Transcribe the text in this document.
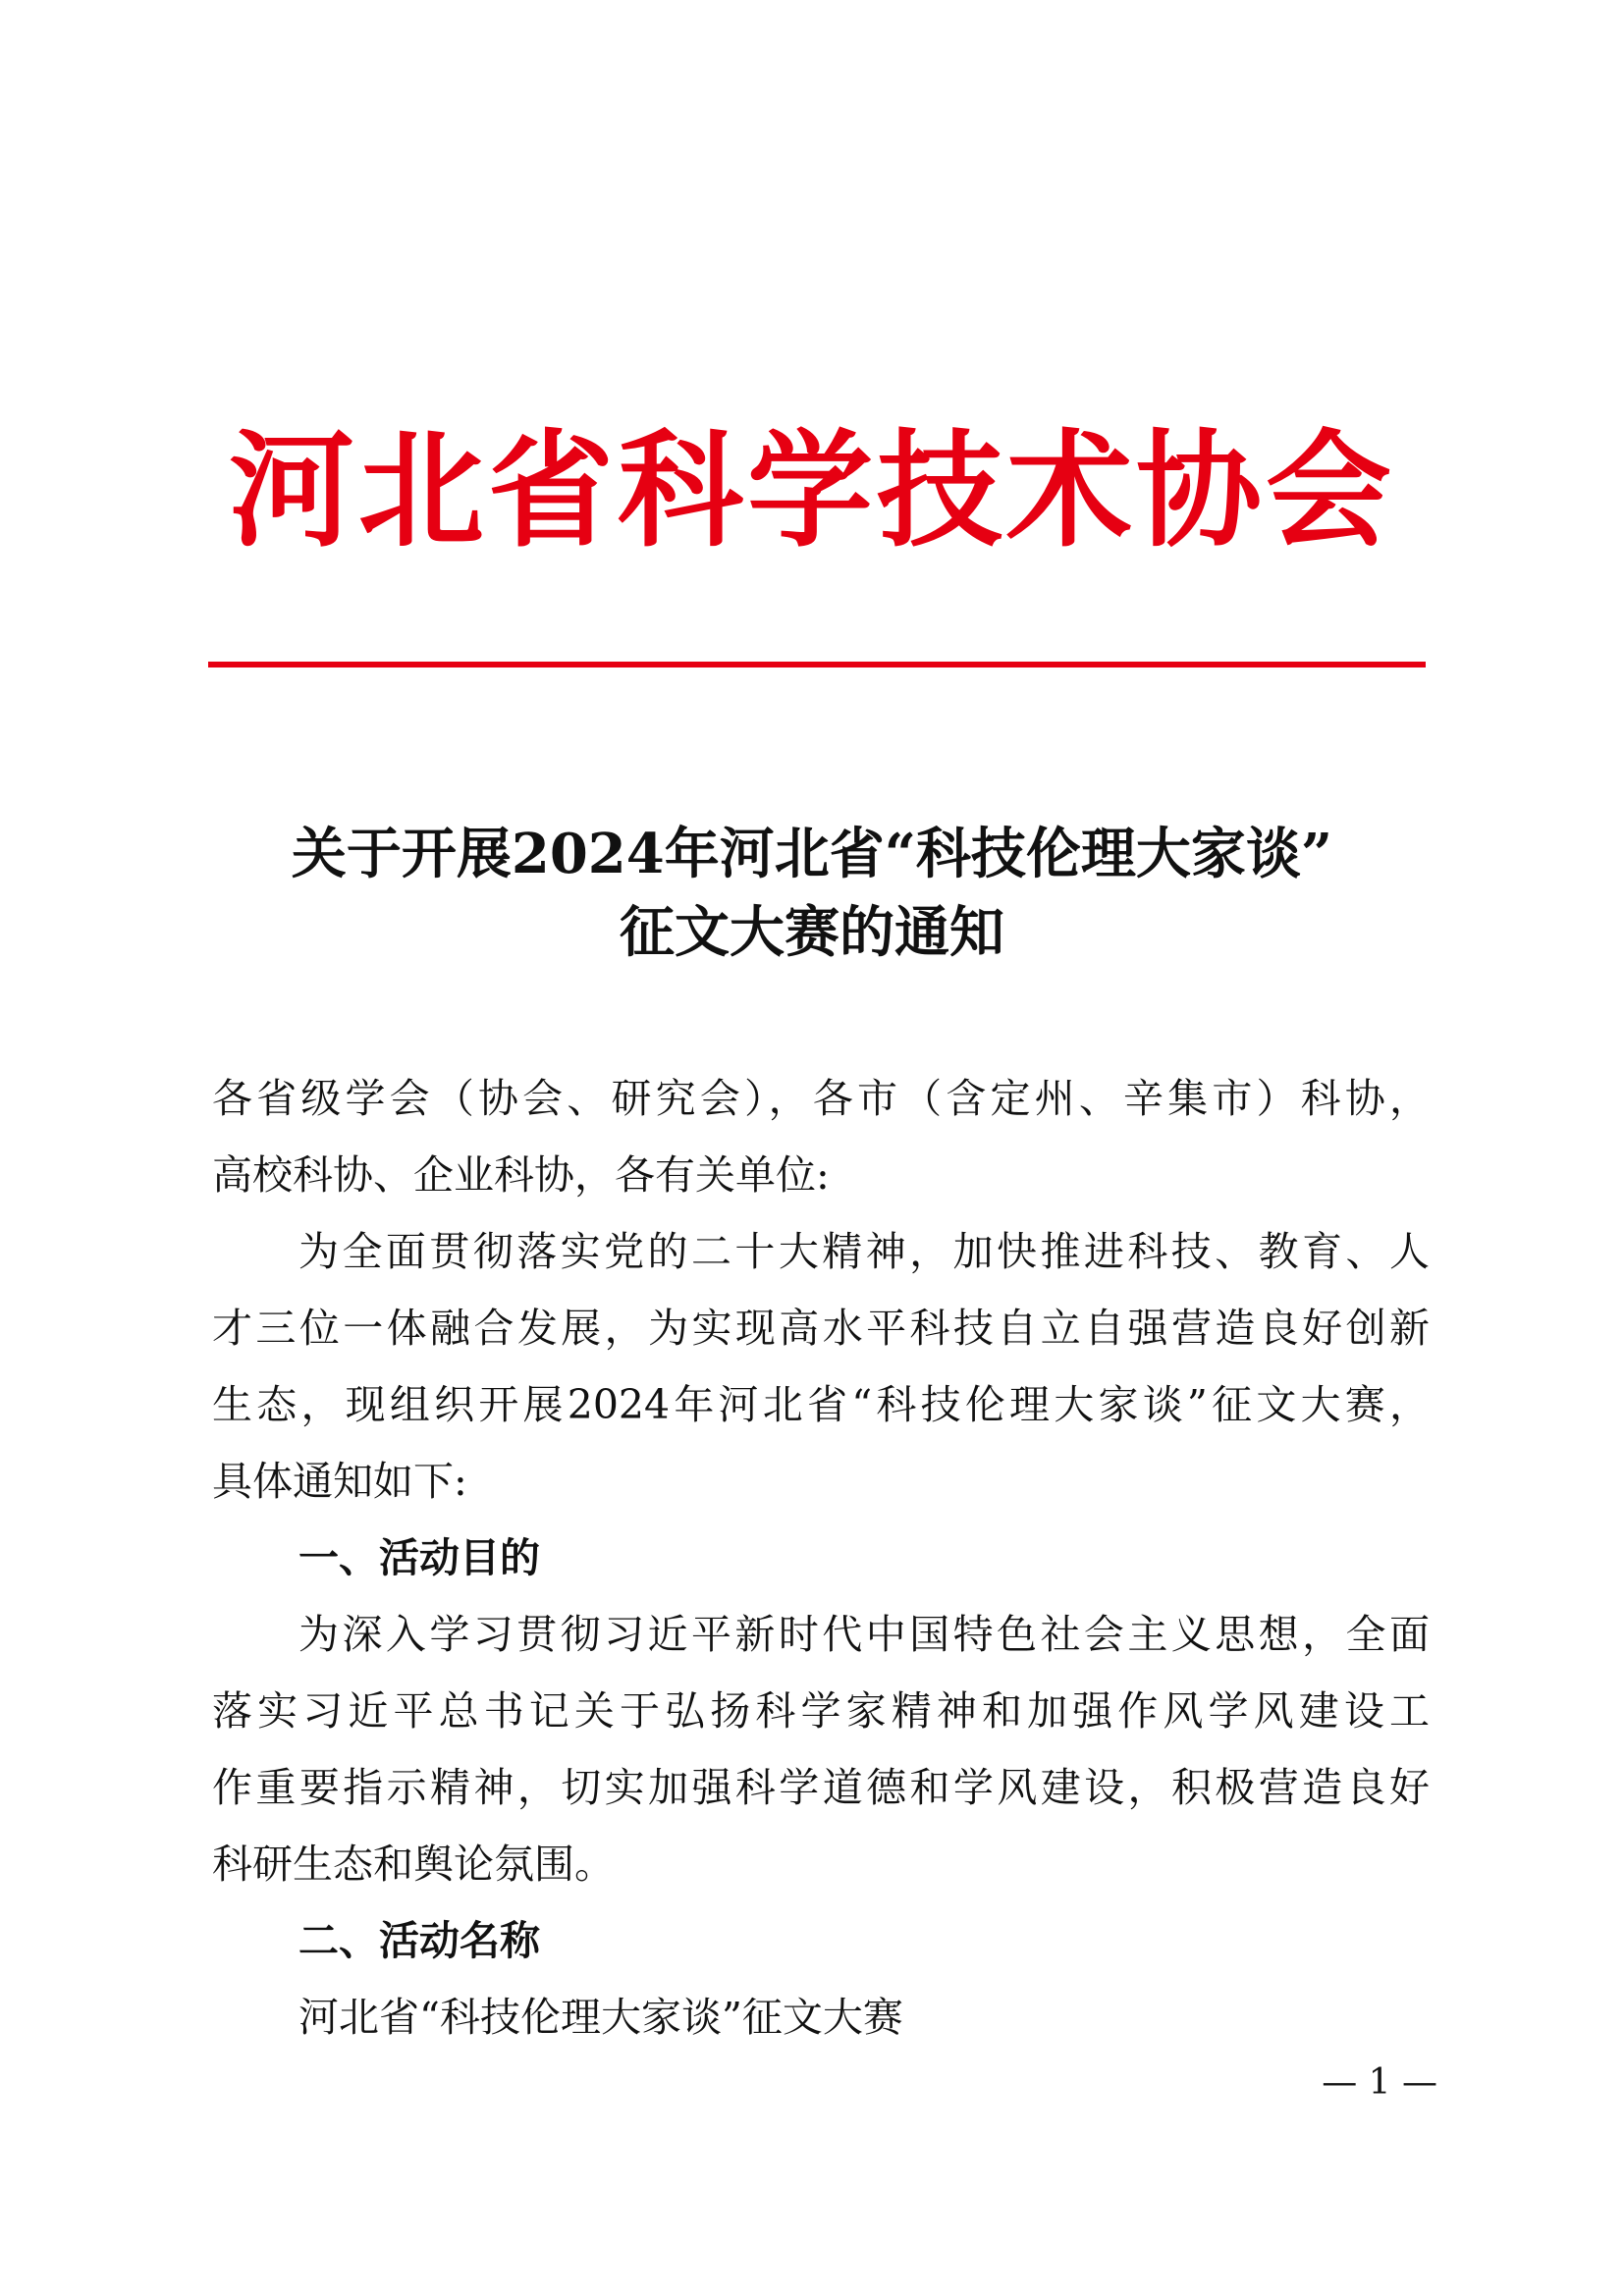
河北省科学技术协会
关于开展2024年河北省“科技伦理大家谈”
征文大赛的通知
各省级学会（协会、研究会），各市（含定州、辛集市）科协，
高校科协、企业科协，各有关单位:
为全面贯彻落实党的二十大精神，加快推进科技、教育、人
才三位一体融合发展，为实现高水平科技自立自强营造良好创新
生态，现组织开展2024年河北省“科技伦理大家谈”征文大赛，
具体通知如下:
一、活动目的
为深入学习贯彻习近平新时代中国特色社会主义思想，全面
落实习近平总书记关于弘扬科学家精神和加强作风学风建设工
作重要指示精神，切实加强科学道德和学风建设，积极营造良好
科研生态和舆论氛围。
二、活动名称
河北省“科技伦理大家谈”征文大赛
— 1 —
